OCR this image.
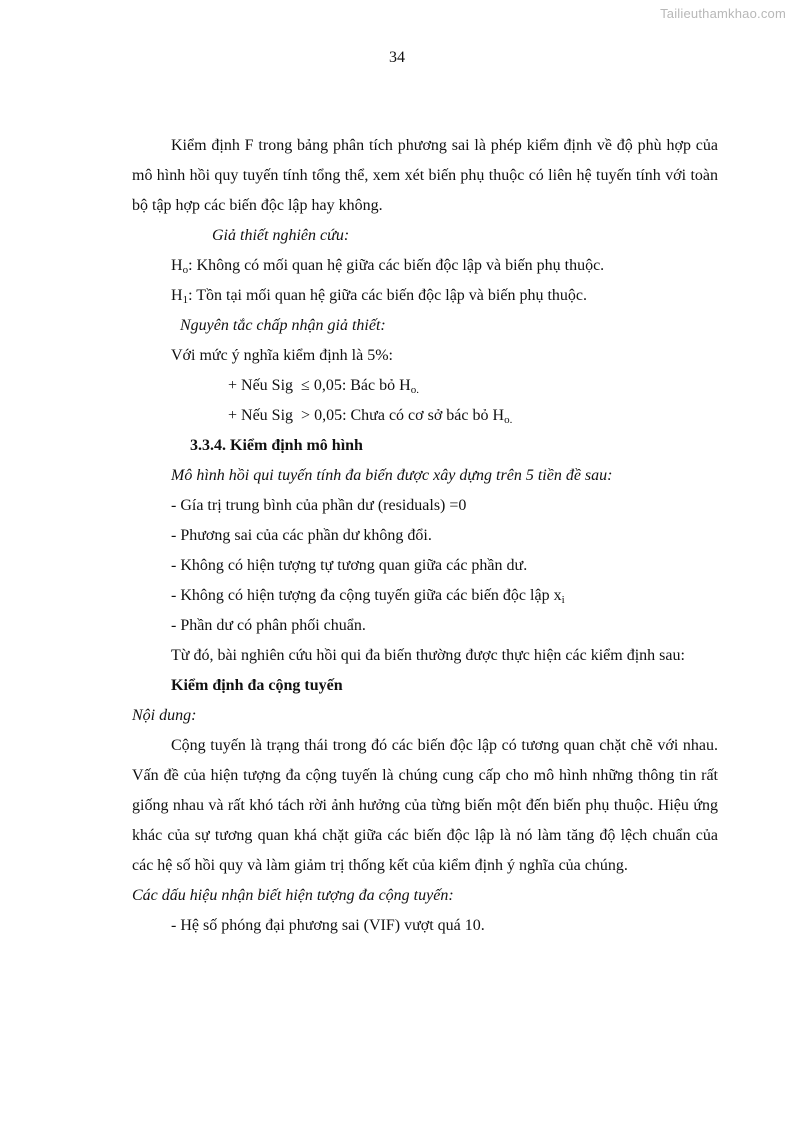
Tailieuthamkhao.com
34

Kiểm định F trong bảng phân tích phương sai là phép kiểm định về độ phù hợp của mô hình hồi quy tuyến tính tổng thể, xem xét biến phụ thuộc có liên hệ tuyến tính với toàn bộ tập hợp các biến độc lập hay không.

Giả thiết nghiên cứu:

$H_o$: Không có mối quan hệ giữa các biến độc lập và biến phụ thuộc.

$H_1$: Tồn tại mối quan hệ giữa các biến độc lập và biến phụ thuộc.

Nguyên tắc chấp nhận giả thiết:

Với mức ý nghĩa kiểm định là 5%:

+ Nếu Sig ≤ 0,05: Bác bỏ $H_{o.}$

+ Nếu Sig > 0,05: Chưa có cơ sở bác bỏ $H_{o.}$

3.3.4. Kiểm định mô hình

Mô hình hồi qui tuyến tính đa biến được xây dựng trên 5 tiền đề sau:

- Gía trị trung bình của phần dư (residuals) =0

- Phương sai của các phần dư không đổi.

- Không có hiện tượng tự tương quan giữa các phần dư.

- Không có hiện tượng đa cộng tuyến giữa các biến độc lập $x_i$

- Phần dư có phân phối chuẩn.

Từ đó, bài nghiên cứu hồi qui đa biến thường được thực hiện các kiểm định sau:

Kiểm định đa cộng tuyến

Nội dung:

Cộng tuyến là trạng thái trong đó các biến độc lập có tương quan chặt chẽ với nhau. Vấn đề của hiện tượng đa cộng tuyến là chúng cung cấp cho mô hình những thông tin rất giống nhau và rất khó tách rời ảnh hưởng của từng biến một đến biến phụ thuộc. Hiệu ứng khác của sự tương quan khá chặt giữa các biến độc lập là nó làm tăng độ lệch chuẩn của các hệ số hồi quy và làm giảm trị thống kết của kiểm định ý nghĩa của chúng.

Các dấu hiệu nhận biết hiện tượng đa cộng tuyến:

- Hệ số phóng đại phương sai (VIF) vượt quá 10.
